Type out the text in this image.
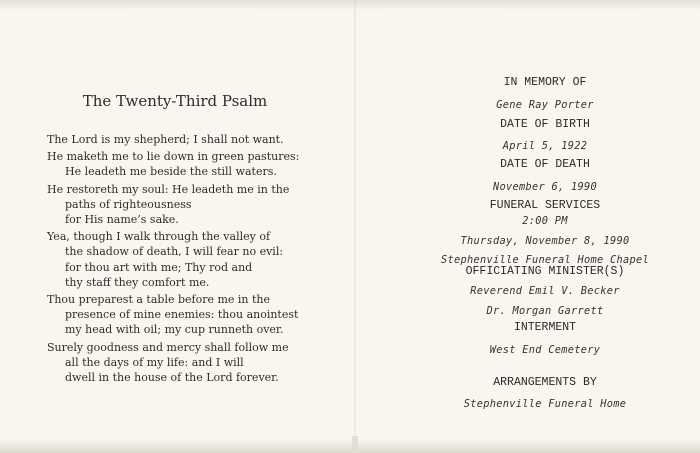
The Twenty-Third Psalm

The Lord is my shepherd; I shall not want.

He maketh me to lie down in green pastures:
He leadeth me beside the still waters.

He restoreth my soul: He leadeth me in the
paths of righteousness
for His name’s sake.

Yea, though I walk through the valley of
the shadow of death, I will fear no evil:
for thou art with me; Thy rod and
thy staff they comfort me.

Thou preparest a table before me in the
presence of mine enemies: thou anointest
my head with oil; my cup runneth over.

Surely goodness and mercy shall follow me
all the days of my life: and I will
dwell in the house of the Lord forever.

IN MEMORY OF
Gene Ray Porter
DATE OF BIRTH
April 5, 1922
DATE OF DEATH
November 6, 1990
FUNERAL SERVICES
2:00 PM
Thursday, November 8, 1990
Stephenville Funeral Home Chapel
OFFICIATING MINISTER(S)
Reverend Emil V. Becker
Dr. Morgan Garrett
INTERMENT
West End Cemetery
ARRANGEMENTS BY
Stephenville Funeral Home
